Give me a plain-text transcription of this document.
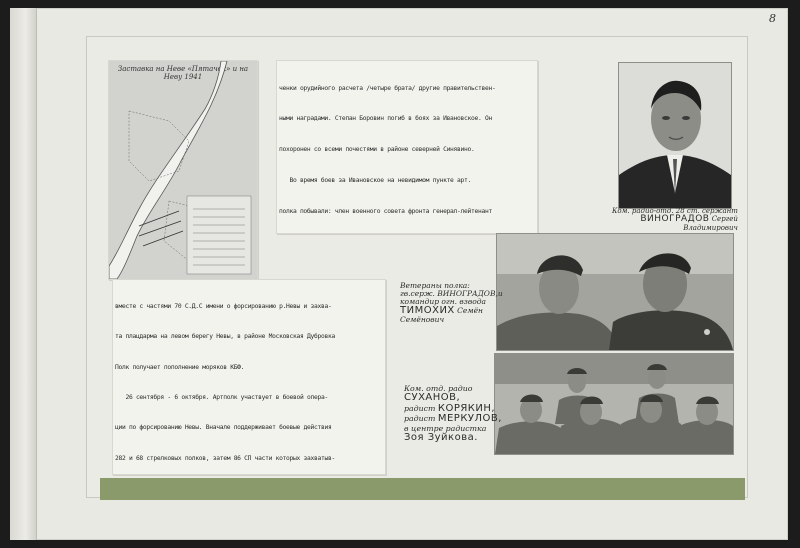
8
Заставка на Неве «Пятачок» и на Неву 1941

ченки орудийного расчета /четыре брата/ другие правительствен-

ными наградами. Степан Боровин погиб в боях за Ивановское. Он

похоронен со всеми почестями в районе северней Синявино.

Во время боев за Ивановское на невидимом пункте арт.

полка побывали: член военного совета фронта генерал-лейтенант

вместе с частями 70 С.Д.С имени о форсированию р.Невы и захва-

та плацдарма на левом берегу Невы, в районе Московская Дубровка

Полк получает пополнение моряков КБФ.

26 сентября - 6 октября. Артполк участвует в боевой опера-

ции по форсированию Невы. Вначале поддерживает боевые действия

282 и 68 стрелковых полков, затем 86 СП части которых захватыв-

Ком. радио-отд. 28 ст. сержант
ВИНОГРАДОВ Сергей
Владимирович
Ветераны полка:
гв.серж. ВИНОГРАДОВ,и
командир огн. взвода
ТИМОХИХ Семён
Семёнович
Ком. отд. радио
СУХАНОВ,
радист КОРЯКИН,
радист МЕРКУЛОВ,
в центре радистка
Зоя Зуйкова.
